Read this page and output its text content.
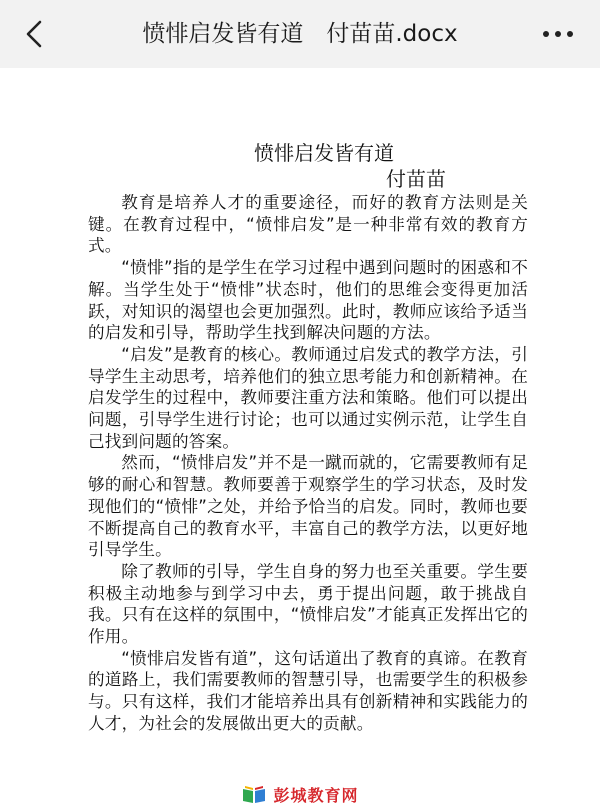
愤悱启发皆有道　付苗苗.docx
愤悱启发皆有道
付苗苗

教育是培养人才的重要途径，而好的教育方法则是关键。在教育过程中，“愤悱启发”是一种非常有效的教育方式。

“愤悱”指的是学生在学习过程中遇到问题时的困惑和不解。当学生处于“愤悱”状态时，他们的思维会变得更加活跃，对知识的渴望也会更加强烈。此时，教师应该给予适当的启发和引导，帮助学生找到解决问题的方法。

“启发”是教育的核心。教师通过启发式的教学方法，引导学生主动思考，培养他们的独立思考能力和创新精神。在启发学生的过程中，教师要注重方法和策略。他们可以提出问题，引导学生进行讨论；也可以通过实例示范，让学生自己找到问题的答案。

然而，“愤悱启发”并不是一蹴而就的，它需要教师有足够的耐心和智慧。教师要善于观察学生的学习状态，及时发现他们的“愤悱”之处，并给予恰当的启发。同时，教师也要不断提高自己的教育水平，丰富自己的教学方法，以更好地引导学生。

除了教师的引导，学生自身的努力也至关重要。学生要积极主动地参与到学习中去，勇于提出问题，敢于挑战自我。只有在这样的氛围中，“愤悱启发”才能真正发挥出它的作用。

“愤悱启发皆有道”，这句话道出了教育的真谛。在教育的道路上，我们需要教师的智慧引导，也需要学生的积极参与。只有这样，我们才能培养出具有创新精神和实践能力的人才，为社会的发展做出更大的贡献。

彭城教育网
